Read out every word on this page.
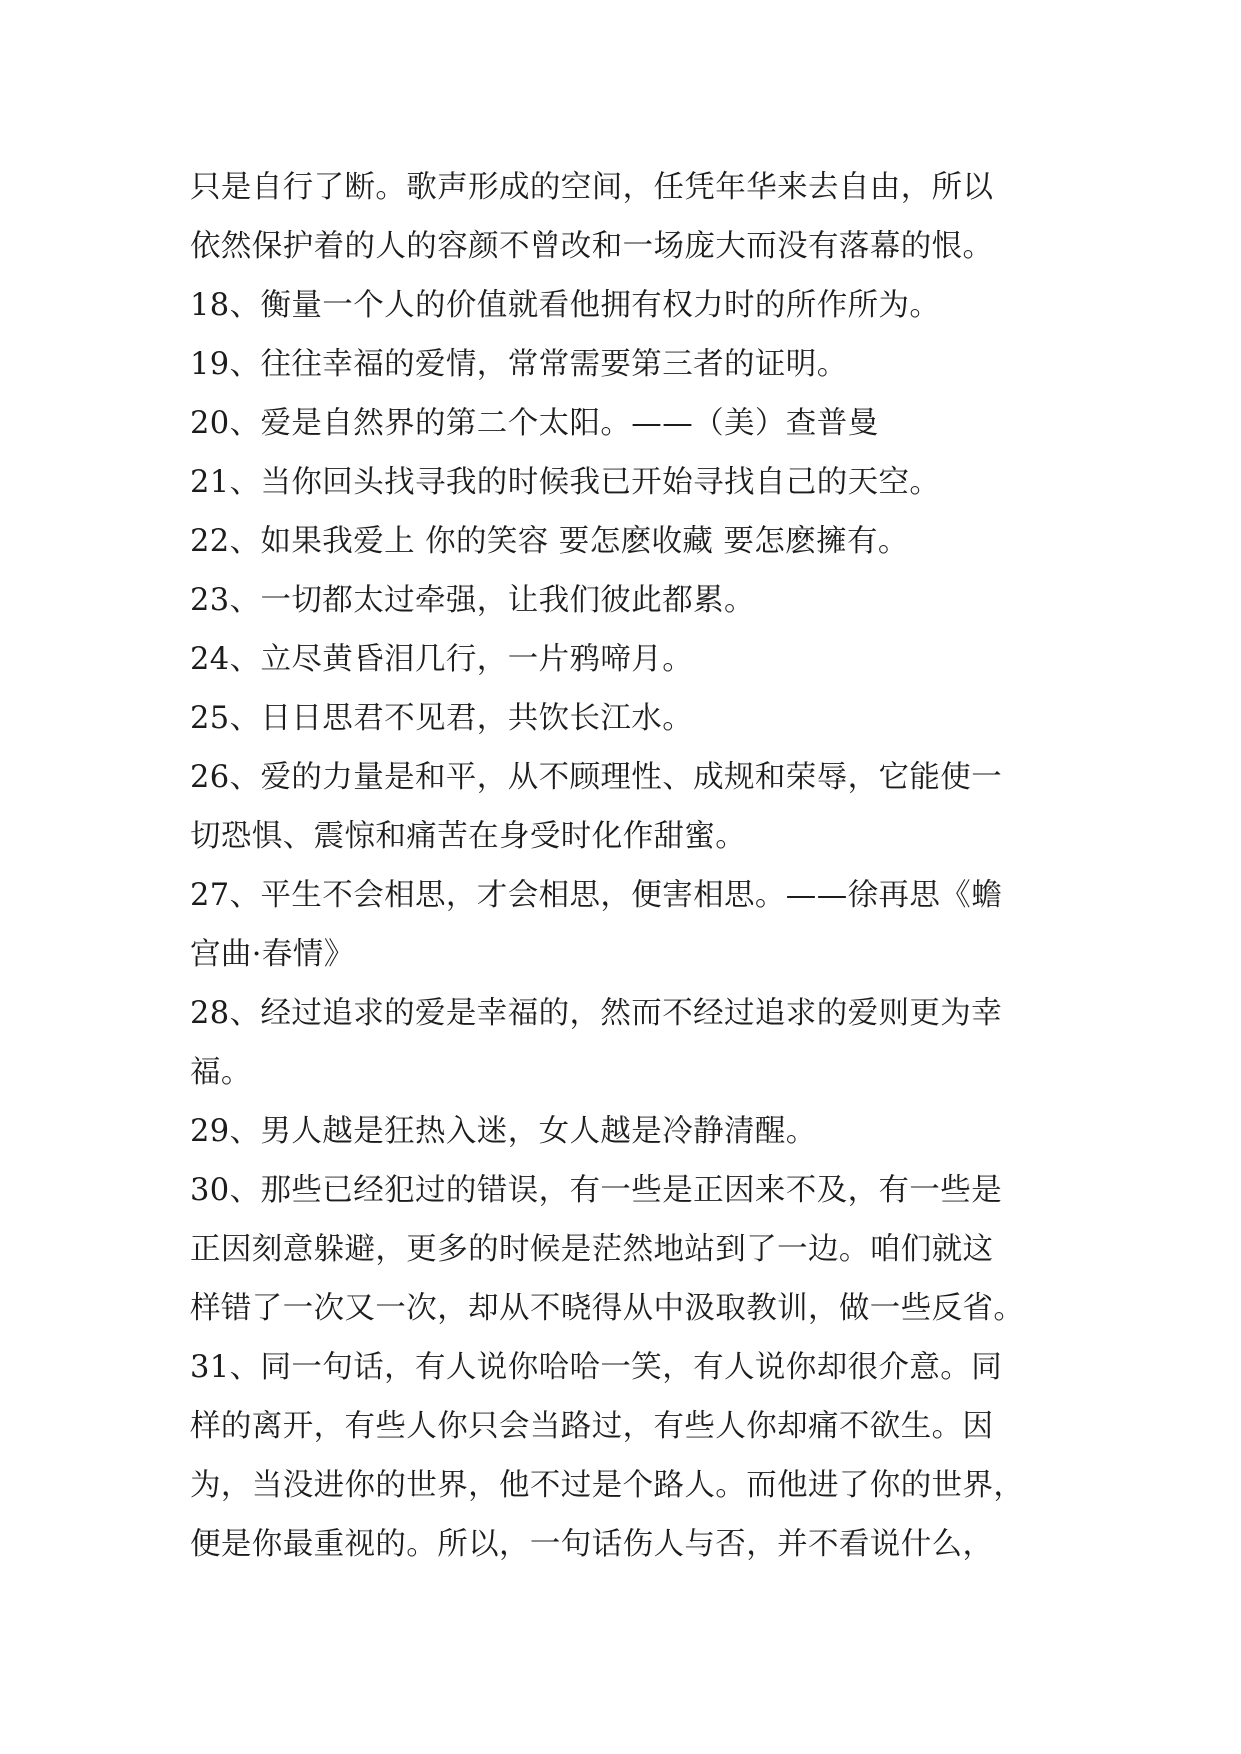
只是自行了断。歌声形成的空间，任凭年华来去自由，所以
依然保护着的人的容颜不曾改和一场庞大而没有落幕的恨。
18、衡量一个人的价值就看他拥有权力时的所作所为。
19、往往幸福的爱情，常常需要第三者的证明。
20、爱是自然界的第二个太阳。——（美）查普曼
21、当你回头找寻我的时候我已开始寻找自己的天空。
22、如果我爱上 你的笑容 要怎麽收藏 要怎麽擁有。
23、一切都太过牵强，让我们彼此都累。
24、立尽黄昏泪几行，一片鸦啼月。
25、日日思君不见君，共饮长江水。
26、爱的力量是和平，从不顾理性、成规和荣辱，它能使一
切恐惧、震惊和痛苦在身受时化作甜蜜。
27、平生不会相思，才会相思，便害相思。——徐再思《蟾
宫曲·春情》
28、经过追求的爱是幸福的，然而不经过追求的爱则更为幸
福。
29、男人越是狂热入迷，女人越是冷静清醒。
30、那些已经犯过的错误，有一些是正因来不及，有一些是
正因刻意躲避，更多的时候是茫然地站到了一边。咱们就这
样错了一次又一次，却从不晓得从中汲取教训，做一些反省。
31、同一句话，有人说你哈哈一笑，有人说你却很介意。同
样的离开，有些人你只会当路过，有些人你却痛不欲生。因
为，当没进你的世界，他不过是个路人。而他进了你的世界，
便是你最重视的。所以，一句话伤人与否，并不看说什么，
